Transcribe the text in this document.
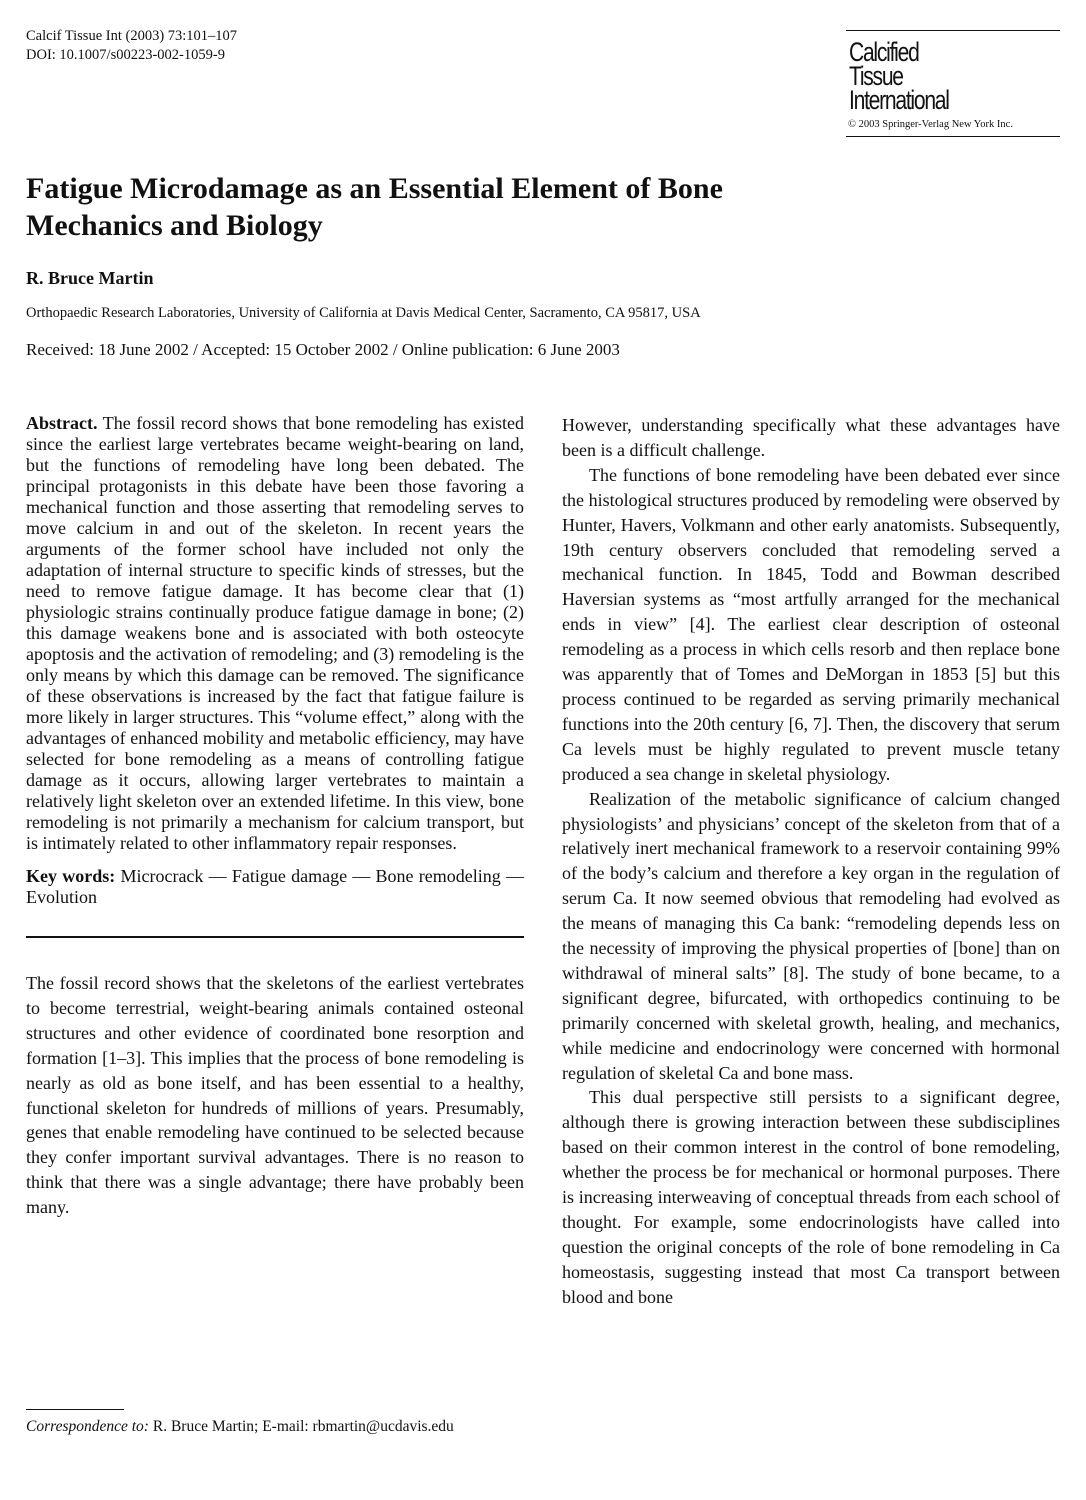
Calcif Tissue Int (2003) 73:101–107
DOI: 10.1007/s00223-002-1059-9	Calcified
Tissue
International
© 2003 Springer-Verlag New York Inc.
Fatigue Microdamage as an Essential Element of Bone Mechanics and Biology
R. Bruce Martin
Orthopaedic Research Laboratories, University of California at Davis Medical Center, Sacramento, CA 95817, USA
Received: 18 June 2002 / Accepted: 15 October 2002 / Online publication: 6 June 2003

Abstract. The fossil record shows that bone remodeling has existed since the earliest large vertebrates became weight-bearing on land, but the functions of remodeling have long been debated. The principal protagonists in this debate have been those favoring a mechanical function and those asserting that remodeling serves to move calcium in and out of the skeleton. In recent years the arguments of the former school have included not only the adaptation of internal structure to specific kinds of stresses, but the need to remove fatigue damage. It has become clear that (1) physiologic strains continually produce fatigue damage in bone; (2) this damage weakens bone and is associated with both osteocyte apoptosis and the activation of remodeling; and (3) remodeling is the only means by which this damage can be removed. The significance of these observations is increased by the fact that fatigue failure is more likely in larger structures. This “volume effect,” along with the advantages of enhanced mobility and metabolic efficiency, may have selected for bone remodeling as a means of controlling fatigue damage as it occurs, allowing larger vertebrates to maintain a relatively light skeleton over an extended lifetime. In this view, bone remodeling is not primarily a mechanism for calcium transport, but is intimately related to other inflammatory repair responses.

Key words: Microcrack — Fatigue damage — Bone remodeling — Evolution

The fossil record shows that the skeletons of the earliest vertebrates to become terrestrial, weight-bearing animals contained osteonal structures and other evidence of coordinated bone resorption and formation [1–3]. This implies that the process of bone remodeling is nearly as old as bone itself, and has been essential to a healthy, functional skeleton for hundreds of millions of years. Presumably, genes that enable remodeling have continued to be selected because they confer important survival advantages. There is no reason to think that there was a single advantage; there have probably been many.

Correspondence to: R. Bruce Martin; E-mail: rbmartin@ucdavis.edu

However, understanding specifically what these advantages have been is a difficult challenge.

The functions of bone remodeling have been debated ever since the histological structures produced by remodeling were observed by Hunter, Havers, Volkmann and other early anatomists. Subsequently, 19th century observers concluded that remodeling served a mechanical function. In 1845, Todd and Bowman described Haversian systems as “most artfully arranged for the mechanical ends in view” [4]. The earliest clear description of osteonal remodeling as a process in which cells resorb and then replace bone was apparently that of Tomes and DeMorgan in 1853 [5] but this process continued to be regarded as serving primarily mechanical functions into the 20th century [6, 7]. Then, the discovery that serum Ca levels must be highly regulated to prevent muscle tetany produced a sea change in skeletal physiology.

Realization of the metabolic significance of calcium changed physiologists’ and physicians’ concept of the skeleton from that of a relatively inert mechanical framework to a reservoir containing 99% of the body’s calcium and therefore a key organ in the regulation of serum Ca. It now seemed obvious that remodeling had evolved as the means of managing this Ca bank: “remodeling depends less on the necessity of improving the physical properties of [bone] than on withdrawal of mineral salts” [8]. The study of bone became, to a significant degree, bifurcated, with orthopedics continuing to be primarily concerned with skeletal growth, healing, and mechanics, while medicine and endocrinology were concerned with hormonal regulation of skeletal Ca and bone mass.

This dual perspective still persists to a significant degree, although there is growing interaction between these subdisciplines based on their common interest in the control of bone remodeling, whether the process be for mechanical or hormonal purposes. There is increasing interweaving of conceptual threads from each school of thought. For example, some endocrinologists have called into question the original concepts of the role of bone remodeling in Ca homeostasis, suggesting instead that most Ca transport between blood and bone
